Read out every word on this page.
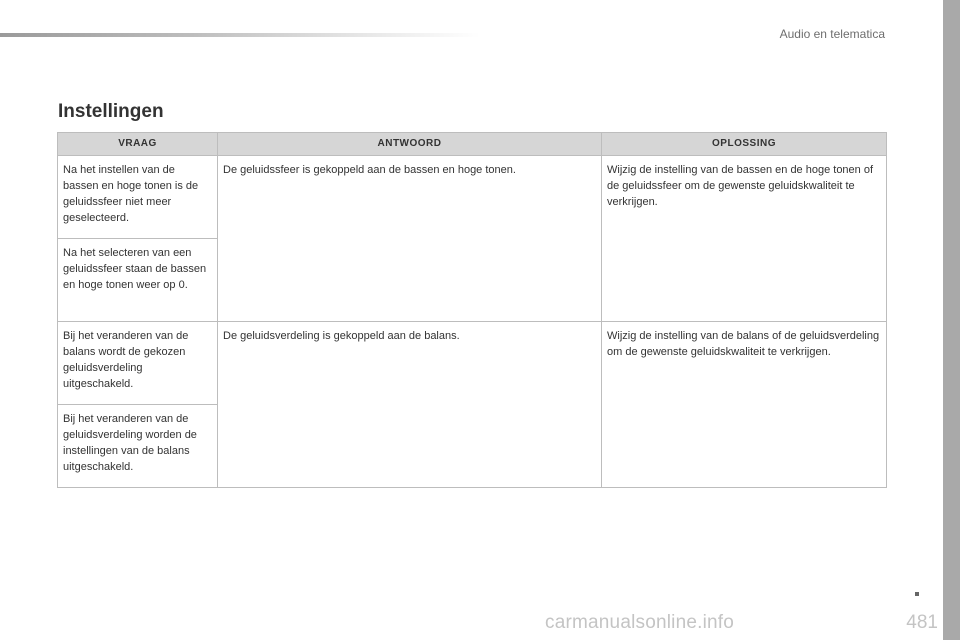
Audio en telematica
Instellingen
VRAAG	ANTWOORD	OPLOSSING
Na het instellen van de bassen en hoge tonen is de geluidssfeer niet meer geselecteerd.	De geluidssfeer is gekoppeld aan de bassen en hoge tonen.	Wijzig de instelling van de bassen en de hoge tonen of de geluidssfeer om de gewenste geluidskwaliteit te verkrijgen.
Na het selecteren van een geluidssfeer staan de bassen en hoge tonen weer op 0.		
Bij het veranderen van de balans wordt de gekozen geluidsverdeling uitgeschakeld.	De geluidsverdeling is gekoppeld aan de balans.	Wijzig de instelling van de balans of de geluidsverdeling om de gewenste geluidskwaliteit te verkrijgen.
Bij het veranderen van de geluidsverdeling worden de instellingen van de balans uitgeschakeld.		
carmanualsonline.info	481
